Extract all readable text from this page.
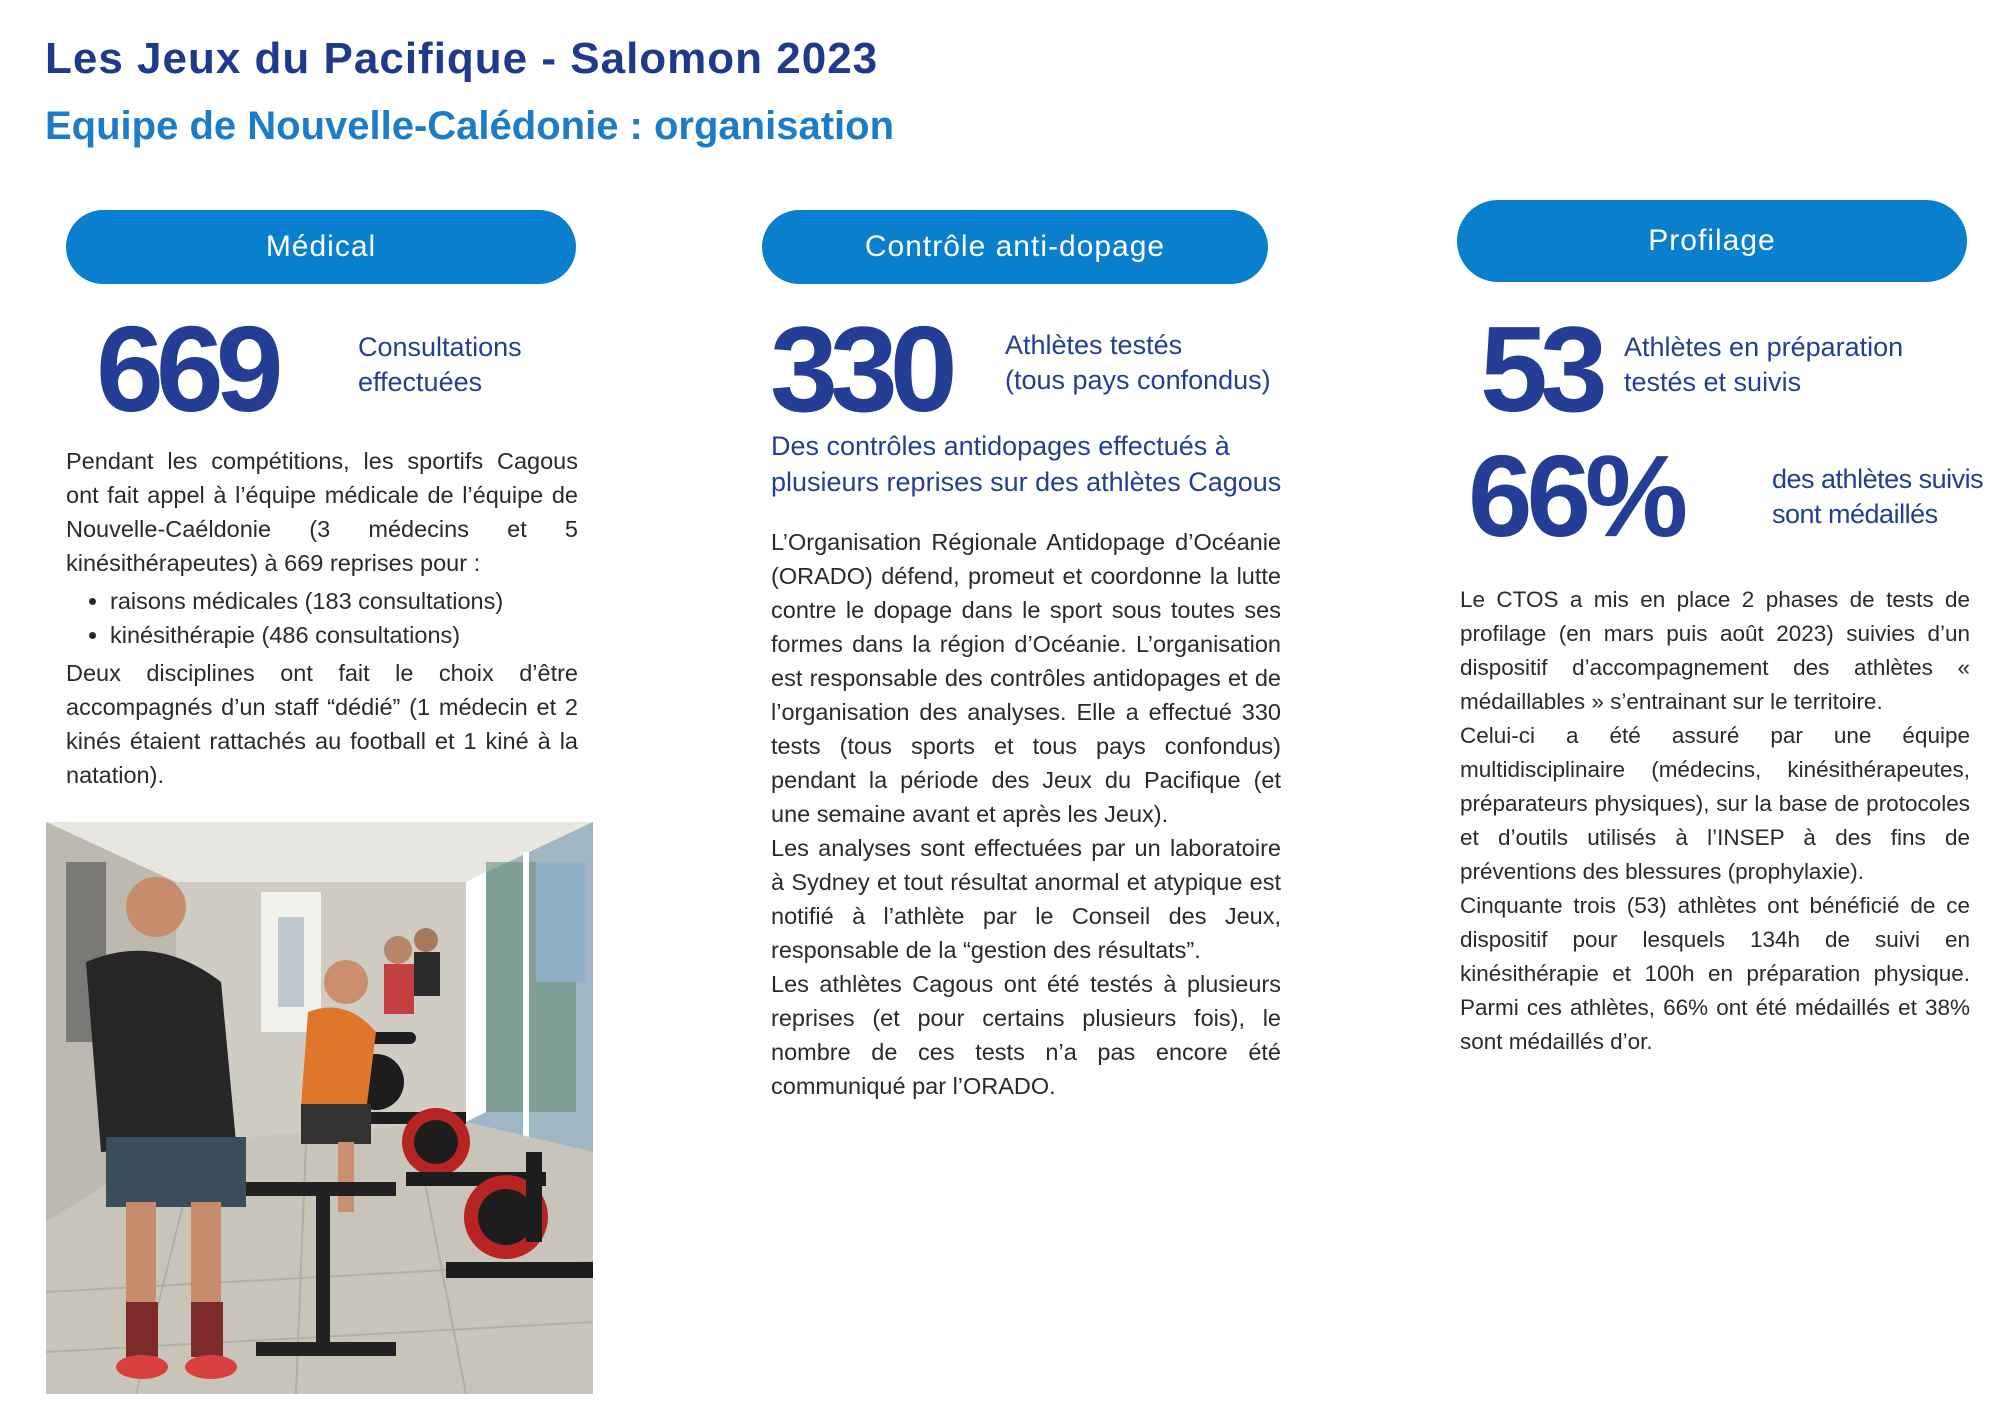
Les Jeux du Pacifique - Salomon 2023
Equipe de Nouvelle-Calédonie : organisation
Médical
669	Consultations
effectuées

Pendant les compétitions, les sportifs Cagous ont fait appel à l’équipe médicale de l’équipe de Nouvelle-Caéldonie (3 médecins et 5 kinésithérapeutes) à 669 reprises pour :

• raisons médicales (183 consultations)
• kinésithérapie (486 consultations)

Deux disciplines ont fait le choix d’être accompagnés d’un staff “dédié” (1 médecin et 2 kinés étaient rattachés au football et 1 kiné à la natation).

Contrôle anti-dopage
330 Athlètes testés
(tous pays confondus)
Des contrôles antidopages effectués à plusieurs reprises sur des athlètes Cagous

L’Organisation Régionale Antidopage d’Océanie (ORADO) défend, promeut et coordonne la lutte contre le dopage dans le sport sous toutes ses formes dans la région d’Océanie. L’organisation est responsable des contrôles antidopages et de l’organisation des analyses. Elle a effectué 330 tests (tous sports et tous pays confondus) pendant la période des Jeux du Pacifique (et une semaine avant et après les Jeux).

Les analyses sont effectuées par un laboratoire à Sydney et tout résultat anormal et atypique est notifié à l’athlète par le Conseil des Jeux, responsable de la “gestion des résultats”.

Les athlètes Cagous ont été testés à plusieurs reprises (et pour certains plusieurs fois), le nombre de ces tests n’a pas encore été communiqué par l’ORADO.

Profilage
53 Athlètes en préparation
testés et suivis
66%	des athlètes suivis
sont médaillés

Le CTOS a mis en place 2 phases de tests de profilage (en mars puis août 2023) suivies d’un dispositif d’accompagnement des athlètes « médaillables » s’entrainant sur le territoire.

Celui-ci a été assuré par une équipe multidisciplinaire (médecins, kinésithérapeutes, préparateurs physiques), sur la base de protocoles et d’outils utilisés à l’INSEP à des fins de préventions des blessures (prophylaxie).

Cinquante trois (53) athlètes ont bénéficié de ce dispositif pour lesquels 134h de suivi en kinésithérapie et 100h en préparation physique. Parmi ces athlètes, 66% ont été médaillés et 38% sont médaillés d’or.
